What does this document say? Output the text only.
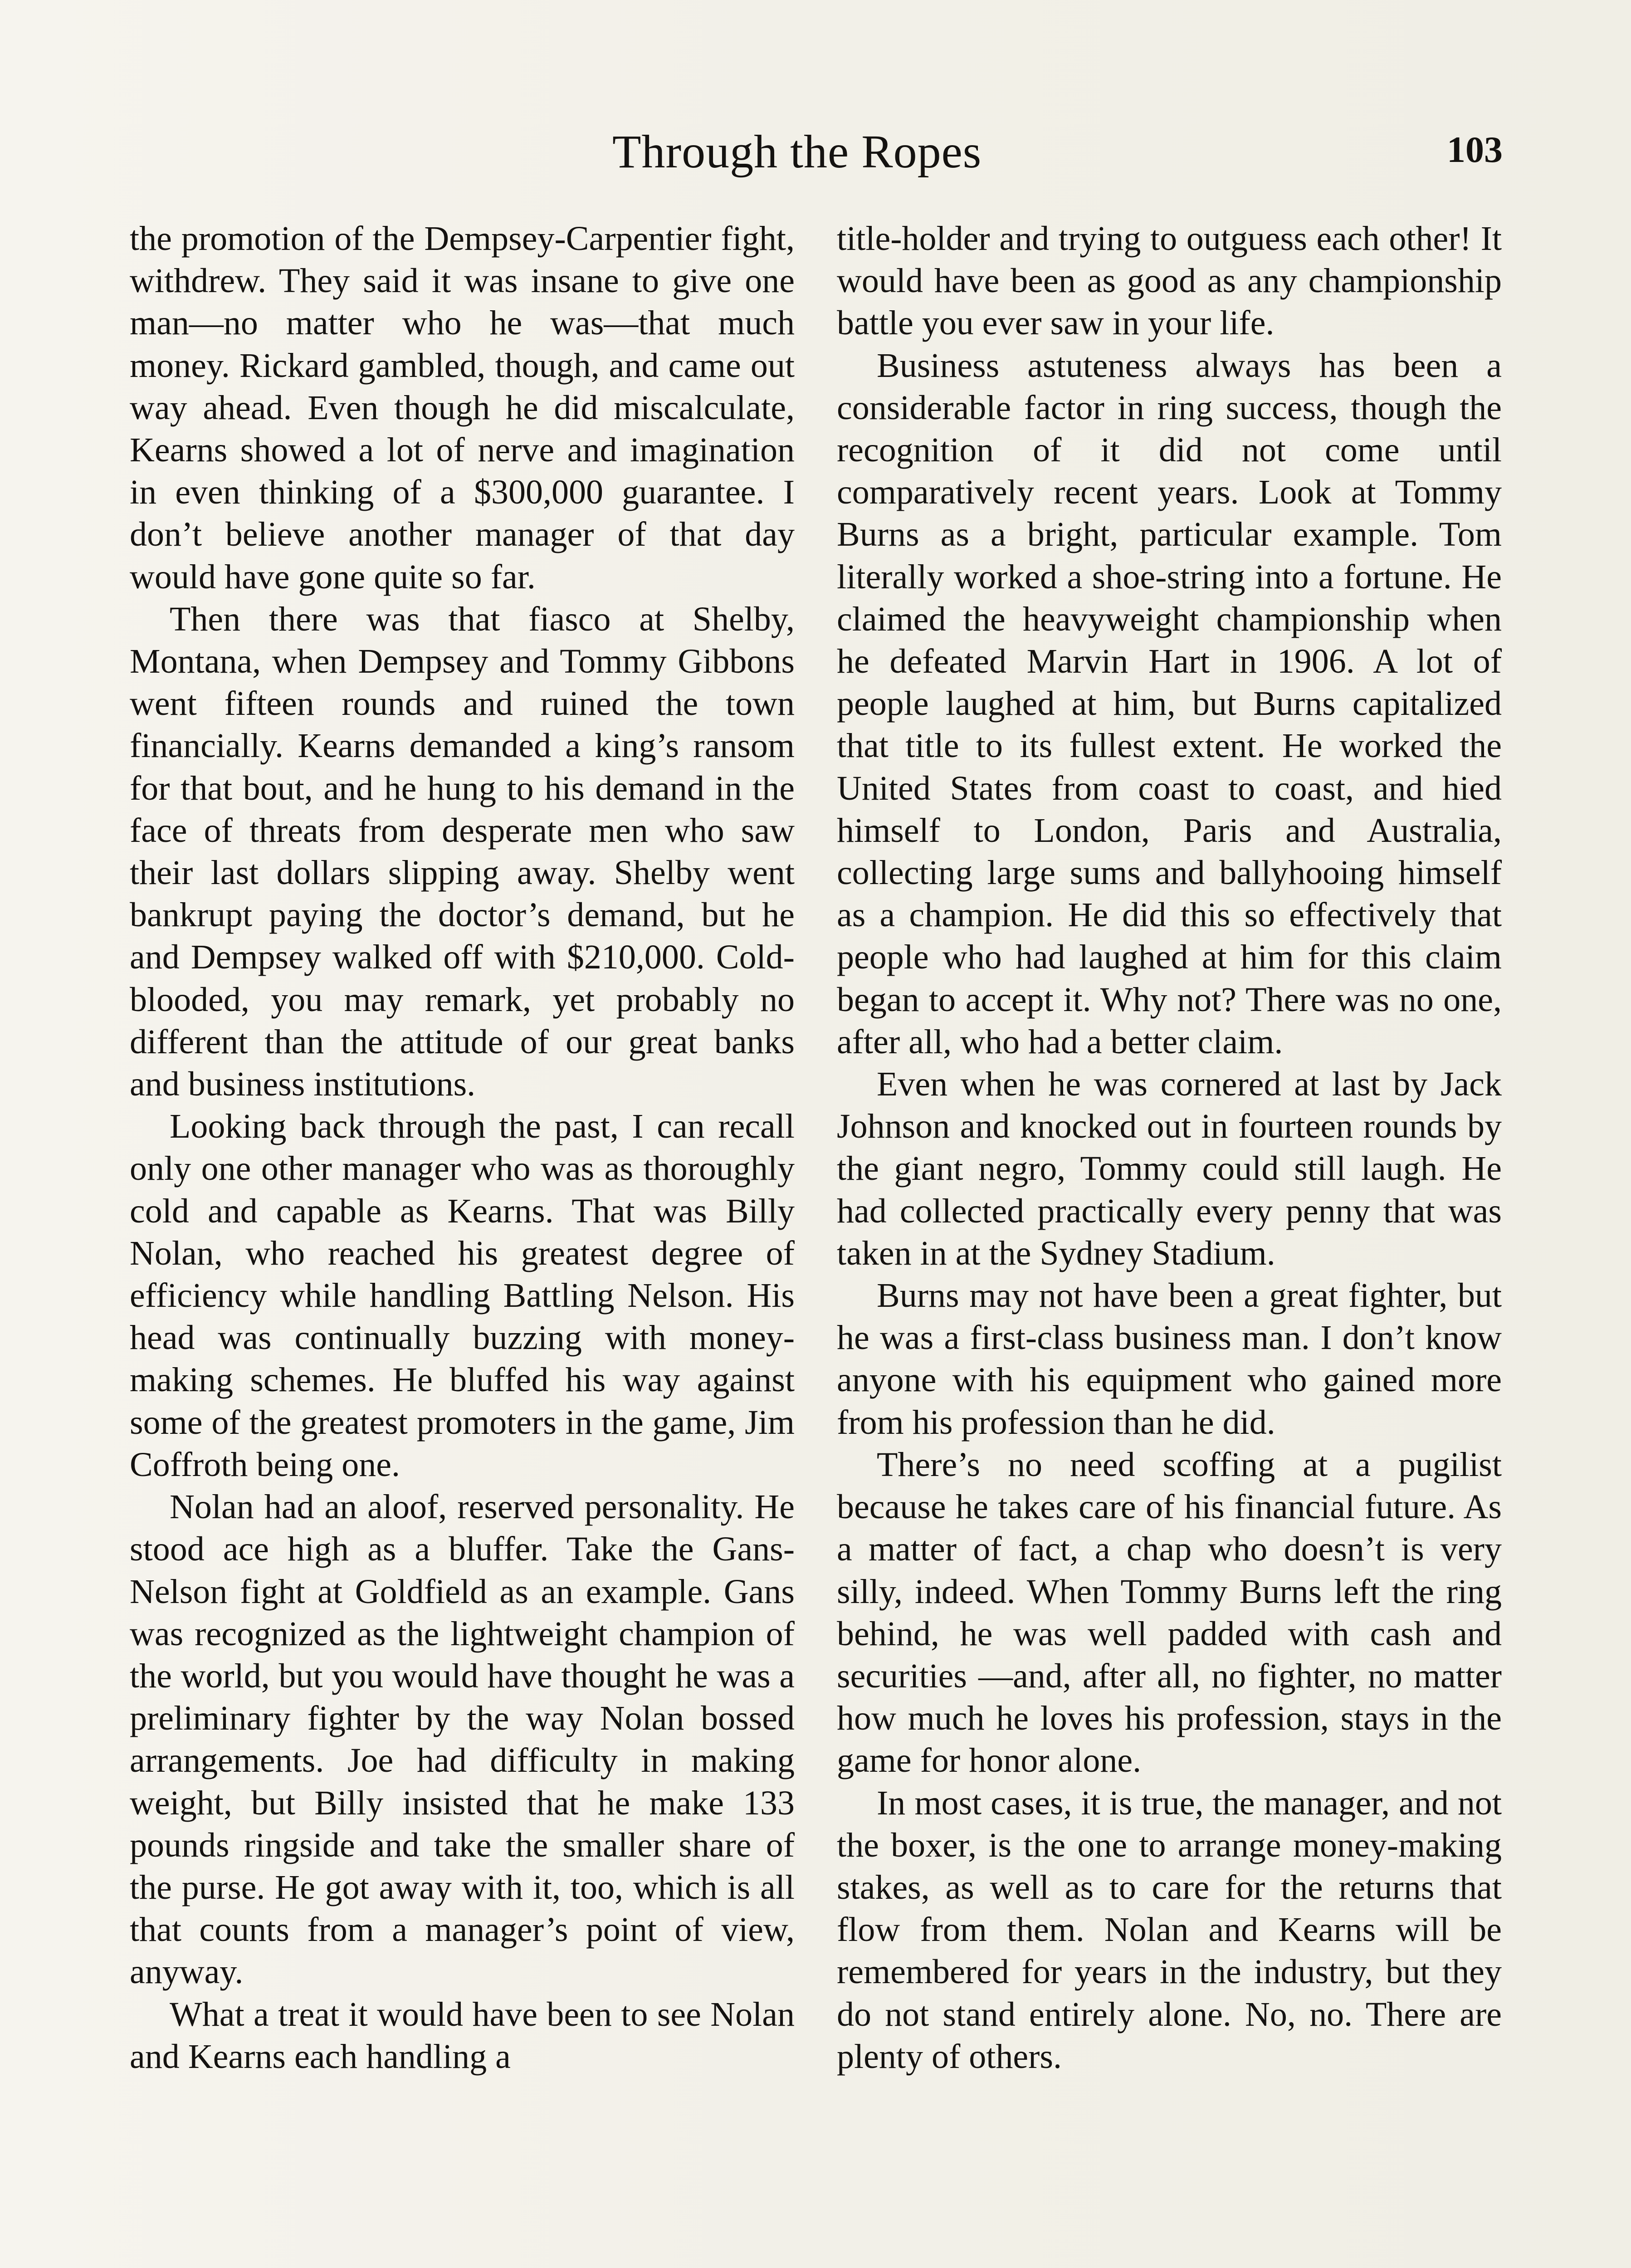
Through the Ropes	103

the promotion of the Dempsey-Carpentier fight, withdrew. They said it was insane to give one man—no matter who he was—that much money. Rickard gambled, though, and came out way ahead. Even though he did miscalculate, Kearns showed a lot of nerve and imagination in even thinking of a $300,000 guarantee. I don’t believe another manager of that day would have gone quite so far.

Then there was that fiasco at Shelby, Montana, when Dempsey and Tommy Gibbons went fifteen rounds and ruined the town financially. Kearns demanded a king’s ransom for that bout, and he hung to his demand in the face of threats from desperate men who saw their last dollars slipping away. Shelby went bankrupt paying the doctor’s demand, but he and Dempsey walked off with $210,000. Cold-blooded, you may remark, yet probably no different than the attitude of our great banks and business institutions.

Looking back through the past, I can recall only one other manager who was as thoroughly cold and capable as Kearns. That was Billy Nolan, who reached his greatest degree of efficiency while handling Battling Nelson. His head was continually buzzing with money-making schemes. He bluffed his way against some of the greatest promoters in the game, Jim Coffroth being one.

Nolan had an aloof, reserved personality. He stood ace high as a bluffer. Take the Gans-Nelson fight at Goldfield as an example. Gans was recognized as the lightweight champion of the world, but you would have thought he was a preliminary fighter by the way Nolan bossed arrangements. Joe had difficulty in making weight, but Billy insisted that he make 133 pounds ringside and take the smaller share of the purse. He got away with it, too, which is all that counts from a manager’s point of view, anyway.

What a treat it would have been to see Nolan and Kearns each handling a

title-holder and trying to outguess each other! It would have been as good as any championship battle you ever saw in your life.

Business astuteness always has been a considerable factor in ring success, though the recognition of it did not come until comparatively recent years. Look at Tommy Burns as a bright, particular example. Tom literally worked a shoe-string into a fortune. He claimed the heavyweight championship when he defeated Marvin Hart in 1906. A lot of people laughed at him, but Burns capitalized that title to its fullest extent. He worked the United States from coast to coast, and hied himself to London, Paris and Australia, collecting large sums and ballyhooing himself as a champion. He did this so effectively that people who had laughed at him for this claim began to accept it. Why not? There was no one, after all, who had a better claim.

Even when he was cornered at last by Jack Johnson and knocked out in fourteen rounds by the giant negro, Tommy could still laugh. He had collected practically every penny that was taken in at the Sydney Stadium.

Burns may not have been a great fighter, but he was a first-class business man. I don’t know anyone with his equipment who gained more from his profession than he did.

There’s no need scoffing at a pugilist because he takes care of his financial future. As a matter of fact, a chap who doesn’t is very silly, indeed. When Tommy Burns left the ring behind, he was well padded with cash and securities —and, after all, no fighter, no matter how much he loves his profession, stays in the game for honor alone.

In most cases, it is true, the manager, and not the boxer, is the one to arrange money-making stakes, as well as to care for the returns that flow from them. Nolan and Kearns will be remembered for years in the industry, but they do not stand entirely alone. No, no. There are plenty of others.
